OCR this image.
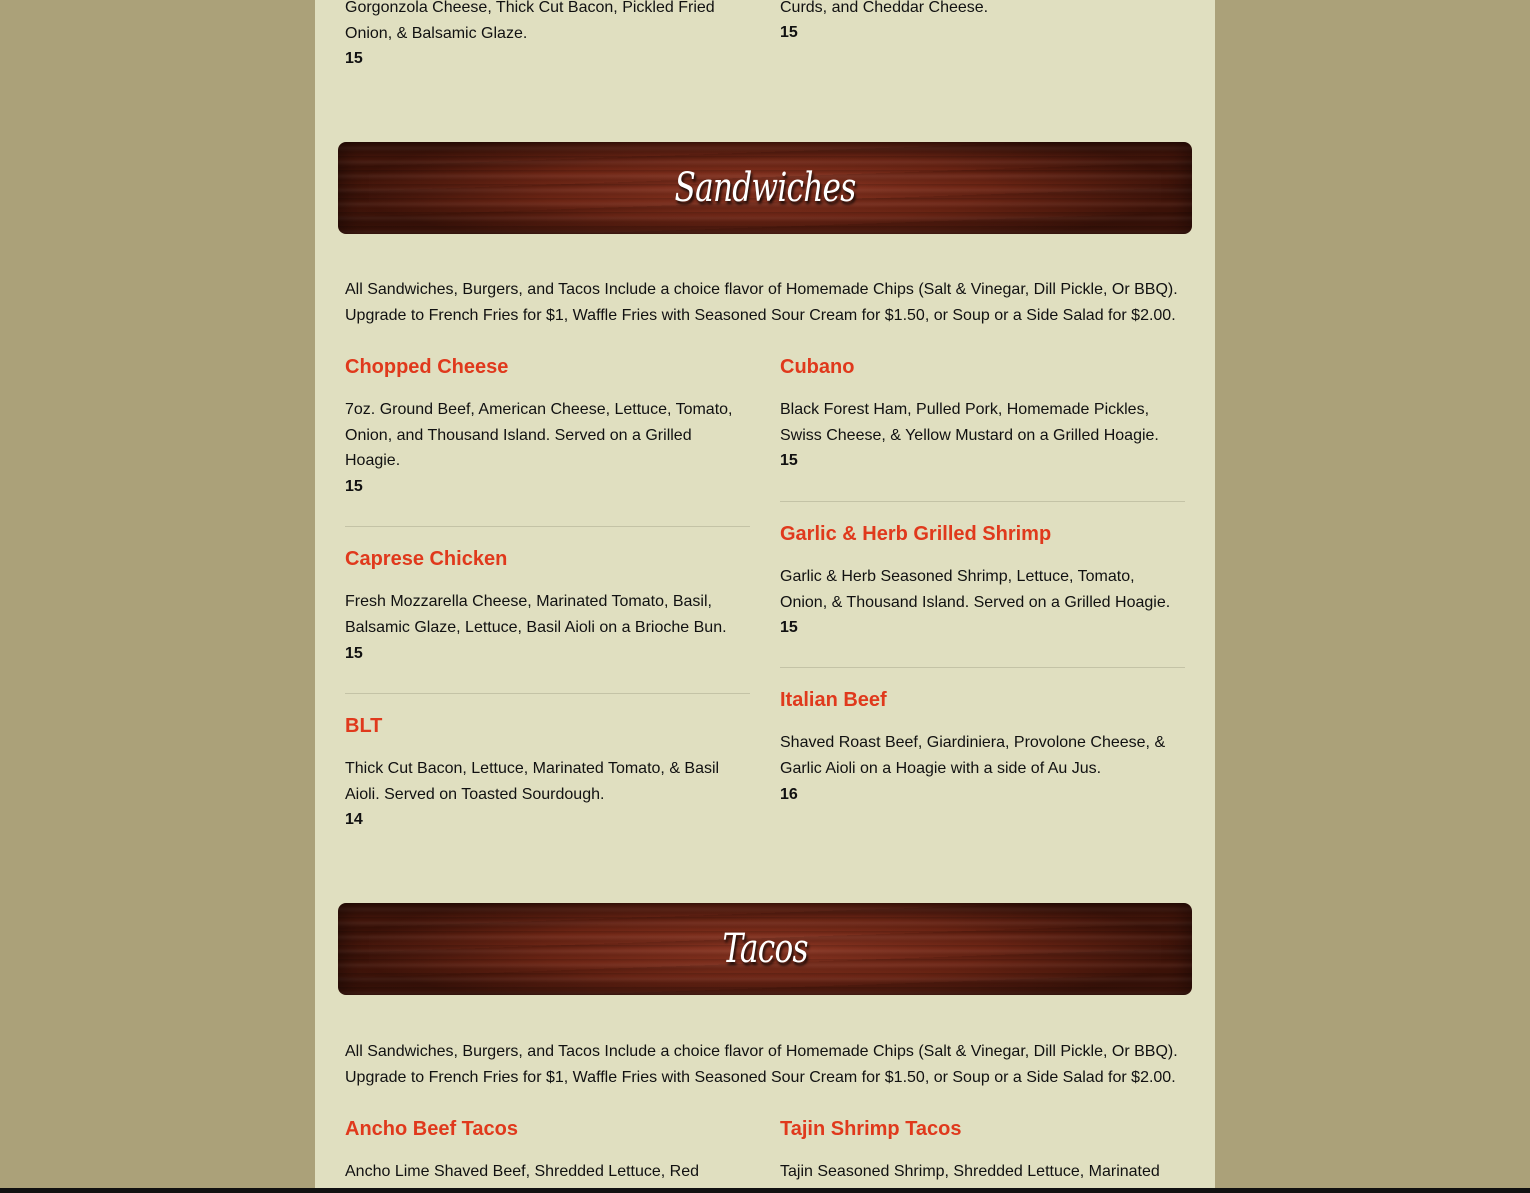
Gorgonzola Cheese, Thick Cut Bacon, Pickled Fried Onion, & Balsamic Glaze.

15

Curds, and Cheddar Cheese.

15

Sandwiches

All Sandwiches, Burgers, and Tacos Include a choice flavor of Homemade Chips (Salt & Vinegar, Dill Pickle, Or BBQ). Upgrade to French Fries for $1, Waffle Fries with Seasoned Sour Cream for $1.50, or Soup or a Side Salad for $2.00.

Chopped Cheese

7oz. Ground Beef, American Cheese, Lettuce, Tomato, Onion, and Thousand Island. Served on a Grilled Hoagie.

15

Caprese Chicken

Fresh Mozzarella Cheese, Marinated Tomato, Basil, Balsamic Glaze, Lettuce, Basil Aioli on a Brioche Bun.

15

BLT

Thick Cut Bacon, Lettuce, Marinated Tomato, & Basil Aioli. Served on Toasted Sourdough.

14

Cubano

Black Forest Ham, Pulled Pork, Homemade Pickles, Swiss Cheese, & Yellow Mustard on a Grilled Hoagie.

15

Garlic & Herb Grilled Shrimp

Garlic & Herb Seasoned Shrimp, Lettuce, Tomato, Onion, & Thousand Island. Served on a Grilled Hoagie.

15

Italian Beef

Shaved Roast Beef, Giardiniera, Provolone Cheese, & Garlic Aioli on a Hoagie with a side of Au Jus.

16

Tacos

All Sandwiches, Burgers, and Tacos Include a choice flavor of Homemade Chips (Salt & Vinegar, Dill Pickle, Or BBQ). Upgrade to French Fries for $1, Waffle Fries with Seasoned Sour Cream for $1.50, or Soup or a Side Salad for $2.00.

Ancho Beef Tacos

Ancho Lime Shaved Beef, Shredded Lettuce, Red

Tajin Shrimp Tacos

Tajin Seasoned Shrimp, Shredded Lettuce, Marinated
